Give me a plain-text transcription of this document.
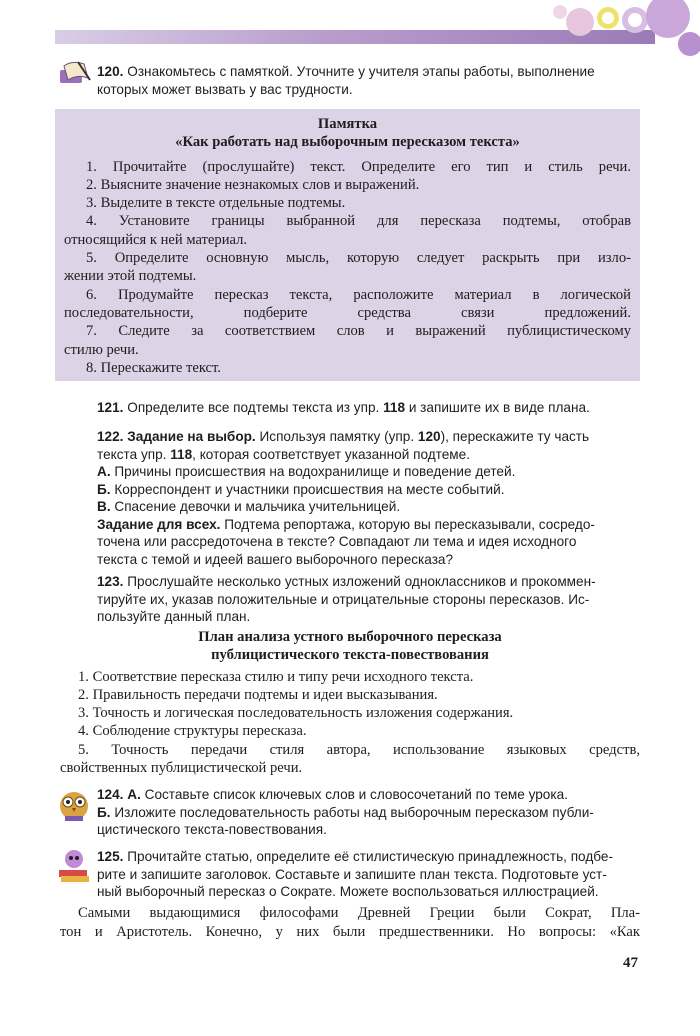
120. Ознакомьтесь с памяткой. Уточните у учителя этапы работы, выполнение
которых может вызвать у вас трудности.
Памятка
«Как работать над выборочным пересказом текста»
1. Прочитайте (прослушайте) текст. Определите его тип и стиль речи.
2. Выясните значение незнакомых слов и выражений.
3. Выделите в тексте отдельные подтемы.
4. Установите границы выбранной для пересказа подтемы, отобрав
относящийся к ней материал.
5. Определите основную мысль, которую следует раскрыть при изло-
жении этой подтемы.
6. Продумайте пересказ текста, расположите материал в логической
последовательности, подберите средства связи предложений.
7. Следите за соответствием слов и выражений публицистическому
стилю речи.
8. Перескажите текст.
121. Определите все подтемы текста из упр. 118 и запишите их в виде плана.
122. Задание на выбор. Используя памятку (упр. 120), перескажите ту часть
текста упр. 118, которая соответствует указанной подтеме.
А. Причины происшествия на водохранилище и поведение детей.
Б. Корреспондент и участники происшествия на месте событий.
В. Спасение девочки и мальчика учительницей.
Задание для всех. Подтема репортажа, которую вы пересказывали, сосредо-
точена или рассредоточена в тексте? Совпадают ли тема и идея исходного
текста с темой и идеей вашего выборочного пересказа?
123. Прослушайте несколько устных изложений одноклассников и прокоммен-
тируйте их, указав положительные и отрицательные стороны пересказов. Ис-
пользуйте данный план.
План анализа устного выборочного пересказа
публицистического текста-повествования
1. Соответствие пересказа стилю и типу речи исходного текста.
2. Правильность передачи подтемы и идеи высказывания.
3. Точность и логическая последовательность изложения содержания.
4. Соблюдение структуры пересказа.
5. Точность передачи стиля автора, использование языковых средств,
свойственных публицистической речи.
124. А. Составьте список ключевых слов и словосочетаний по теме урока.
Б. Изложите последовательность работы над выборочным пересказом публи-
цистического текста-повествования.
125. Прочитайте статью, определите её стилистическую принадлежность, подбе-
рите и запишите заголовок. Составьте и запишите план текста. Подготовьте уст-
ный выборочный пересказ о Сократе. Можете воспользоваться иллюстрацией.
Самыми выдающимися философами Древней Греции были Сократ, Пла-
тон и Аристотель. Конечно, у них были предшественники. Но вопросы: «Как
47
